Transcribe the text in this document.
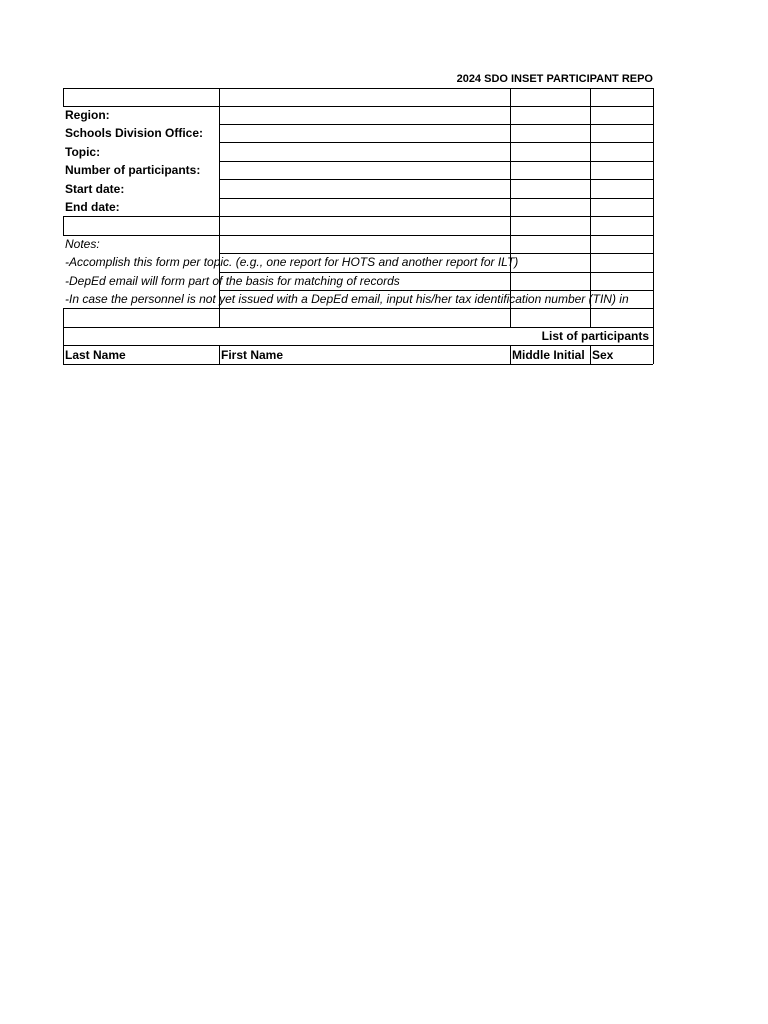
2024 SDO INSET PARTICIPANT REPO
Region:
Schools Division Office:
Topic:
Number of participants:
Start date:
End date:
Notes:
-Accomplish this form per topic. (e.g., one report for HOTS and another report for ILT)
-DepEd email will form part of the basis for matching of records
-In case the personnel is not yet issued with a DepEd email, input his/her tax identification number (TIN) in
List of participants
Last Name	First Name	Middle Initial Sex
